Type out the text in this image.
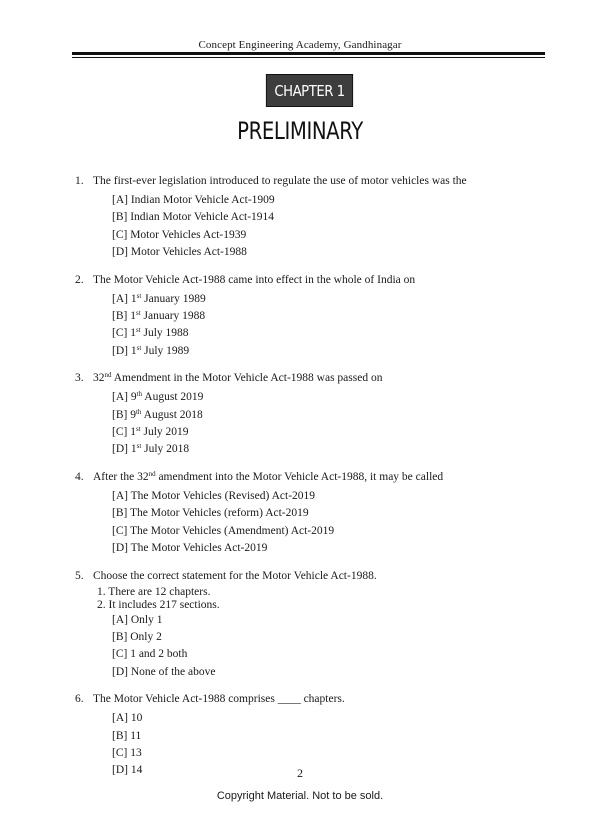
Concept Engineering Academy, Gandhinagar
CHAPTER 1
PRELIMINARY
1. The first-ever legislation introduced to regulate the use of motor vehicles was the
[A] Indian Motor Vehicle Act-1909
[B] Indian Motor Vehicle Act-1914
[C] Motor Vehicles Act-1939
[D] Motor Vehicles Act-1988
2. The Motor Vehicle Act-1988 came into effect in the whole of India on
[A] 1st January 1989
[B] 1st January 1988
[C] 1st July 1988
[D] 1st July 1989
3. 32nd Amendment in the Motor Vehicle Act-1988 was passed on
[A] 9th August 2019
[B] 9th August 2018
[C] 1st July 2019
[D] 1st July 2018
4. After the 32nd amendment into the Motor Vehicle Act-1988, it may be called
[A] The Motor Vehicles (Revised) Act-2019
[B] The Motor Vehicles (reform) Act-2019
[C] The Motor Vehicles (Amendment) Act-2019
[D] The Motor Vehicles Act-2019
5. Choose the correct statement for the Motor Vehicle Act-1988.
1. There are 12 chapters.
2. It includes 217 sections.
[A] Only 1
[B] Only 2
[C] 1 and 2 both
[D] None of the above
6. The Motor Vehicle Act-1988 comprises ____ chapters.
[A] 10
[B] 11
[C] 13
[D] 14	2
Copyright Material. Not to be sold.
